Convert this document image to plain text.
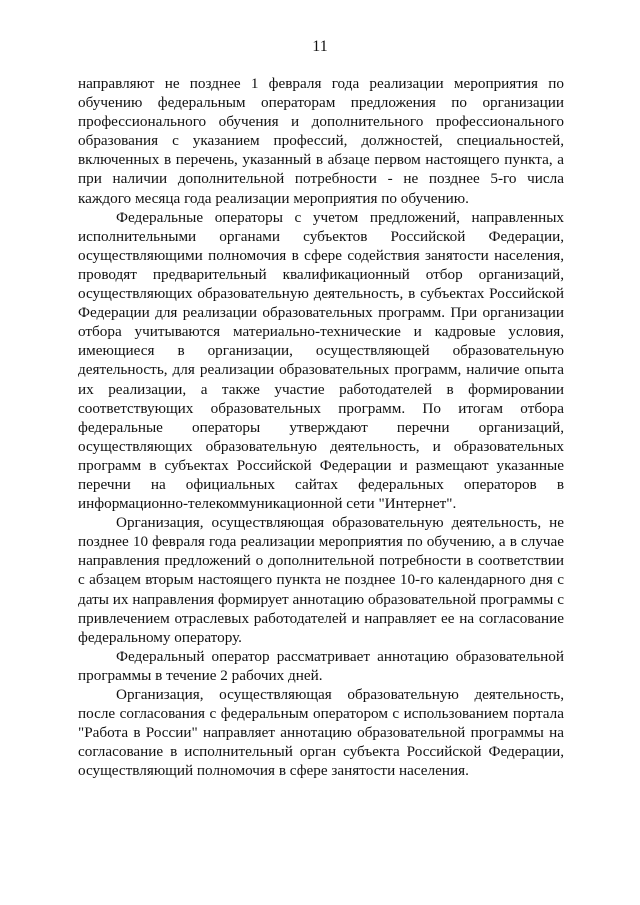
11

направляют не позднее 1 февраля года реализации мероприятия по обучению федеральным операторам предложения по организации профессионального обучения и дополнительного профессионального образования с указанием профессий, должностей, специальностей, включенных в перечень, указанный в абзаце первом настоящего пункта, а при наличии дополнительной потребности - не позднее 5-го числа каждого месяца года реализации мероприятия по обучению.

Федеральные операторы с учетом предложений, направленных исполнительными органами субъектов Российской Федерации, осуществляющими полномочия в сфере содействия занятости населения, проводят предварительный квалификационный отбор организаций, осуществляющих образовательную деятельность, в субъектах Российской Федерации для реализации образовательных программ. При организации отбора учитываются материально-технические и кадровые условия, имеющиеся в организации, осуществляющей образовательную деятельность, для реализации образовательных программ, наличие опыта их реализации, а также участие работодателей в формировании соответствующих образовательных программ. По итогам отбора федеральные операторы утверждают перечни организаций, осуществляющих образовательную деятельность, и образовательных программ в субъектах Российской Федерации и размещают указанные перечни на официальных сайтах федеральных операторов в информационно-телекоммуникационной сети "Интернет".

Организация, осуществляющая образовательную деятельность, не позднее 10 февраля года реализации мероприятия по обучению, а в случае направления предложений о дополнительной потребности в соответствии с абзацем вторым настоящего пункта не позднее 10-го календарного дня с даты их направления формирует аннотацию образовательной программы с привлечением отраслевых работодателей и направляет ее на согласование федеральному оператору.

Федеральный оператор рассматривает аннотацию образовательной программы в течение 2 рабочих дней.

Организация, осуществляющая образовательную деятельность, после согласования с федеральным оператором с использованием портала "Работа в России" направляет аннотацию образовательной программы на согласование в исполнительный орган субъекта Российской Федерации, осуществляющий полномочия в сфере занятости населения.
